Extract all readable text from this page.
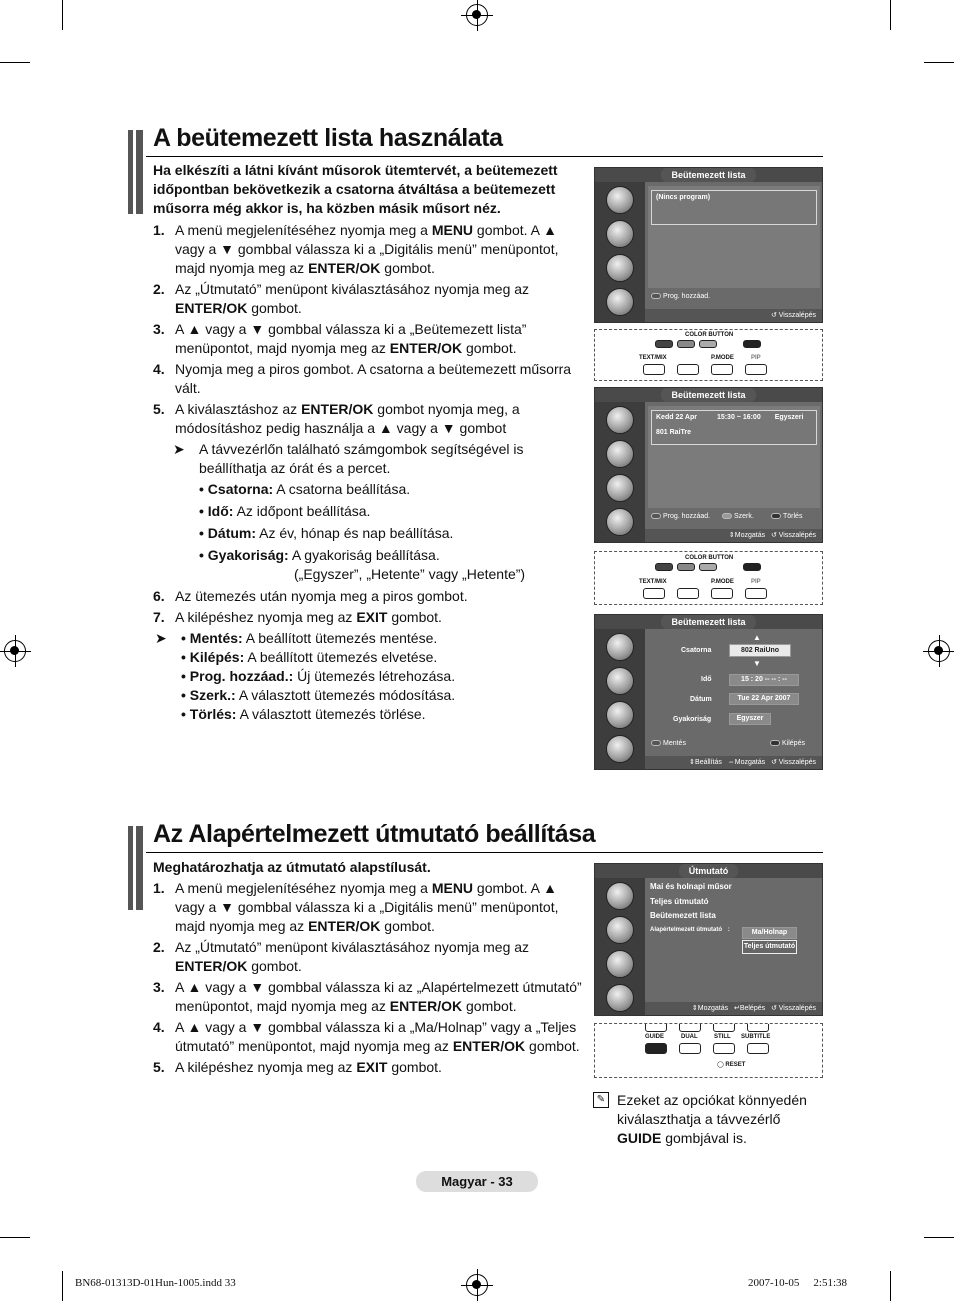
A beütemezett lista használata
Ha elkészíti a látni kívánt műsorok ütemtervét, a beütemezett időpontban bekövetkezik a csatorna átváltása a beütemezett műsorra még akkor is, ha közben másik műsort néz.
1. A menü megjelenítéséhez nyomja meg a MENU gombot. A ▲ vagy a ▼ gombbal válassza ki a „Digitális menü” menüpontot, majd nyomja meg az ENTER/OK gombot.
2. Az „Útmutató” menüpont kiválasztásához nyomja meg az ENTER/OK gombot.
3. A ▲ vagy a ▼ gombbal válassza ki a „Beütemezett lista” menüpontot, majd nyomja meg az ENTER/OK gombot.
4. Nyomja meg a piros gombot. A csatorna a beütemezett műsorra vált.
5. A kiválasztáshoz az ENTER/OK gombot nyomja meg, a módosításhoz pedig használja a ▲ vagy a ▼ gombot
➤	A távvezérlőn található számgombok segítségével is beállíthatja az órát és a percet.
• Csatorna: A csatorna beállítása.
• Idő: Az időpont beállítása.
• Dátum: Az év, hónap és nap beállítása.
• Gyakoriság: A gyakoriság beállítása.
(„Egyszer”, „Hetente” vagy „Hetente”)
6. Az ütemezés után nyomja meg a piros gombot.
7. A kilépéshez nyomja meg az EXIT gombot.
➤	• Mentés: A beállított ütemezés mentése.
• Kilépés: A beállított ütemezés elvetése.
• Prog. hozzáad.: Új ütemezés létrehozása.
• Szerk.: A választott ütemezés módosítása.
• Törlés: A választott ütemezés törlése.
Beütemezett lista
(Nincs program)
Prog. hozzáad.
↺ Visszalépés
COLOR BUTTON
TEXT/MIX	P.MODE	PIP
Beütemezett lista
Kedd 22 Apr	15:30 ~ 16:00 Egyszeri
801 RaiTre
Prog. hozzáad.	Szerk.	Törlés
⇕Mozgatás ↺ Visszalépés
COLOR BUTTON
TEXT/MIX	P.MODE	PIP
Beütemezett lista
▲
Csatorna	802 RaiUno
▼
Idő	15 : 20 -- -- : --
Dátum	Tue 22 Apr 2007
Gyakoriság	Egyszer
Mentés	Kilépés
⇕Beállítás ⇔Mozgatás ↺ Visszalépés
Az Alapértelmezett útmutató beállítása
Meghatározhatja az útmutató alapstílusát.
1. A menü megjelenítéséhez nyomja meg a MENU gombot. A ▲ vagy a ▼ gombbal válassza ki a „Digitális menü” menüpontot, majd nyomja meg az ENTER/OK gombot.
2. Az „Útmutató” menüpont kiválasztásához nyomja meg az ENTER/OK gombot.
3. A ▲ vagy a ▼ gombbal válassza ki az „Alapértelmezett útmutató” menüpontot, majd nyomja meg az ENTER/OK gombot.
4. A ▲ vagy a ▼ gombbal válassza ki a „Ma/Holnap” vagy a „Teljes útmutató” menüpontot, majd nyomja meg az ENTER/OK gombot.
5. A kilépéshez nyomja meg az EXIT gombot.
Útmutató
Mai és holnapi műsor
Teljes útmutató
Beütemezett lista
Alapértelmezett útmutató :	Ma/Holnap
Teljes útmutató
⇕Mozgatás ↵Belépés ↺ Visszalépés
GUIDE	DUAL	STILL SUBTITLE
◯ RESET
✎ Ezeket az opciókat könnyedén kiválaszthatja a távvezérlő GUIDE gombjával is.
Magyar - 33
BN68-01313D-01Hun-1005.indd 33	2007-10-05 􀀀 2:51:38
